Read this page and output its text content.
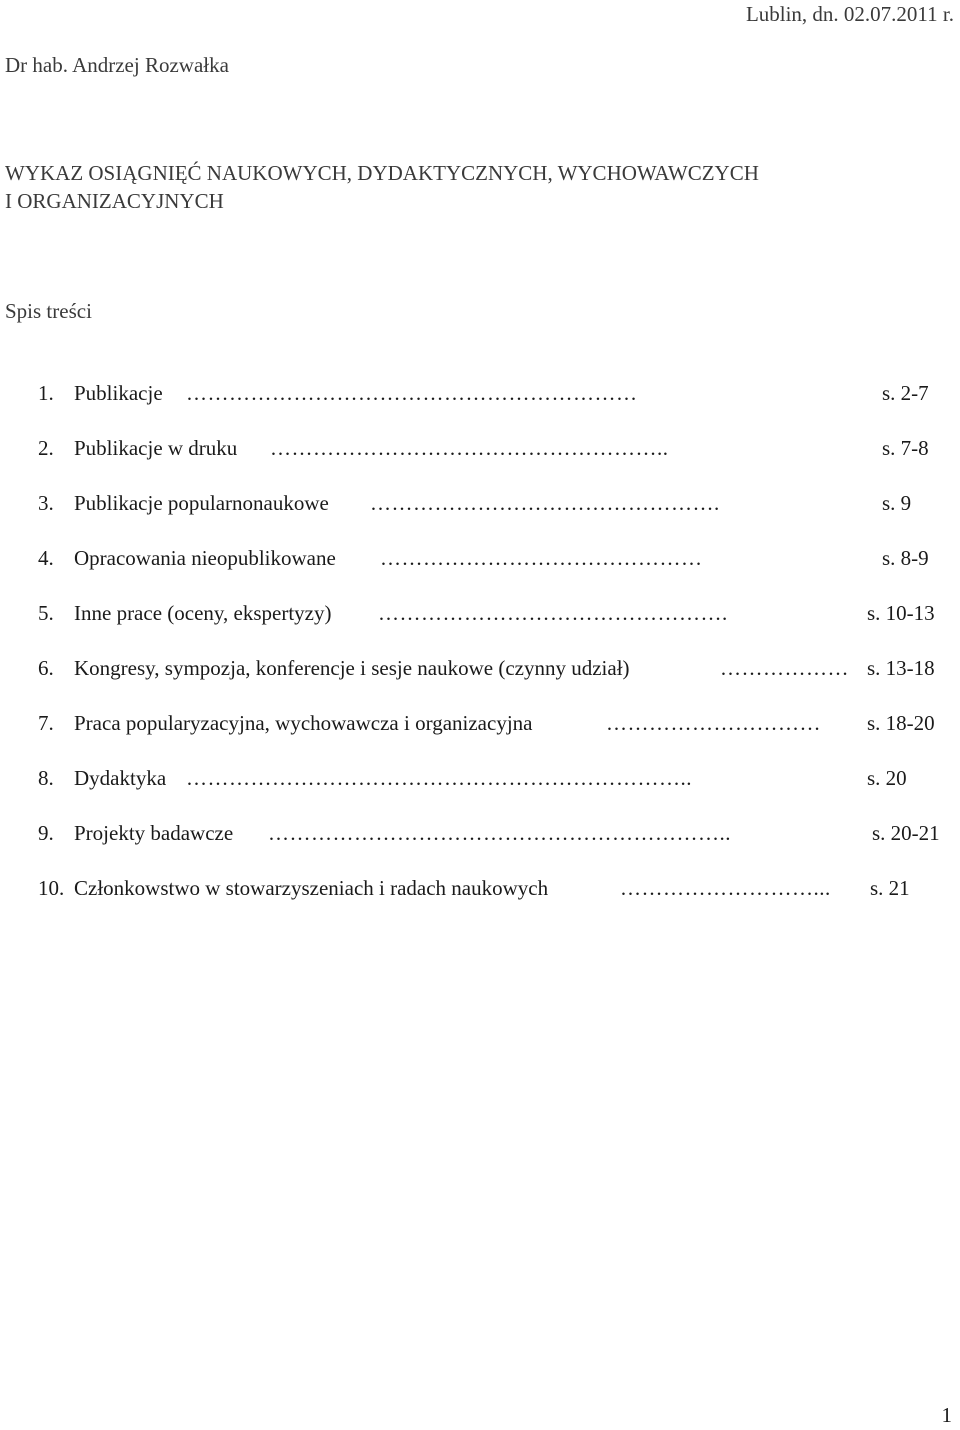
Lublin, dn. 02.07.2011 r.
Dr hab. Andrzej Rozwałka
WYKAZ OSIĄGNIĘĆ NAUKOWYCH, DYDAKTYCZNYCH, WYCHOWAWCZYCH
I ORGANIZACYJNYCH
Spis treści
1. Publikacje ………………………………………………………	s. 2-7
2. Publikacje w druku ………………………………………………..	s. 7-8
3. Publikacje popularnonaukowe ………………………………………….	s. 9
4. Opracowania nieopublikowane ………………………………………	s. 8-9
5. Inne prace (oceny, ekspertyzy) ………………………………………….	s. 10-13
6. Kongresy, sympozja, konferencje i sesje naukowe (czynny udział)	……………… s. 13-18
7. Praca popularyzacyjna, wychowawcza i organizacyjna	…………………………	s. 18-20
8. Dydaktyka ……………………………………………………………..	s. 20
9. Projekty badawcze ………………………………………………………..	s. 20-21
10. Członkowstwo w stowarzyszeniach i radach naukowych	………………………...	s. 21
1
